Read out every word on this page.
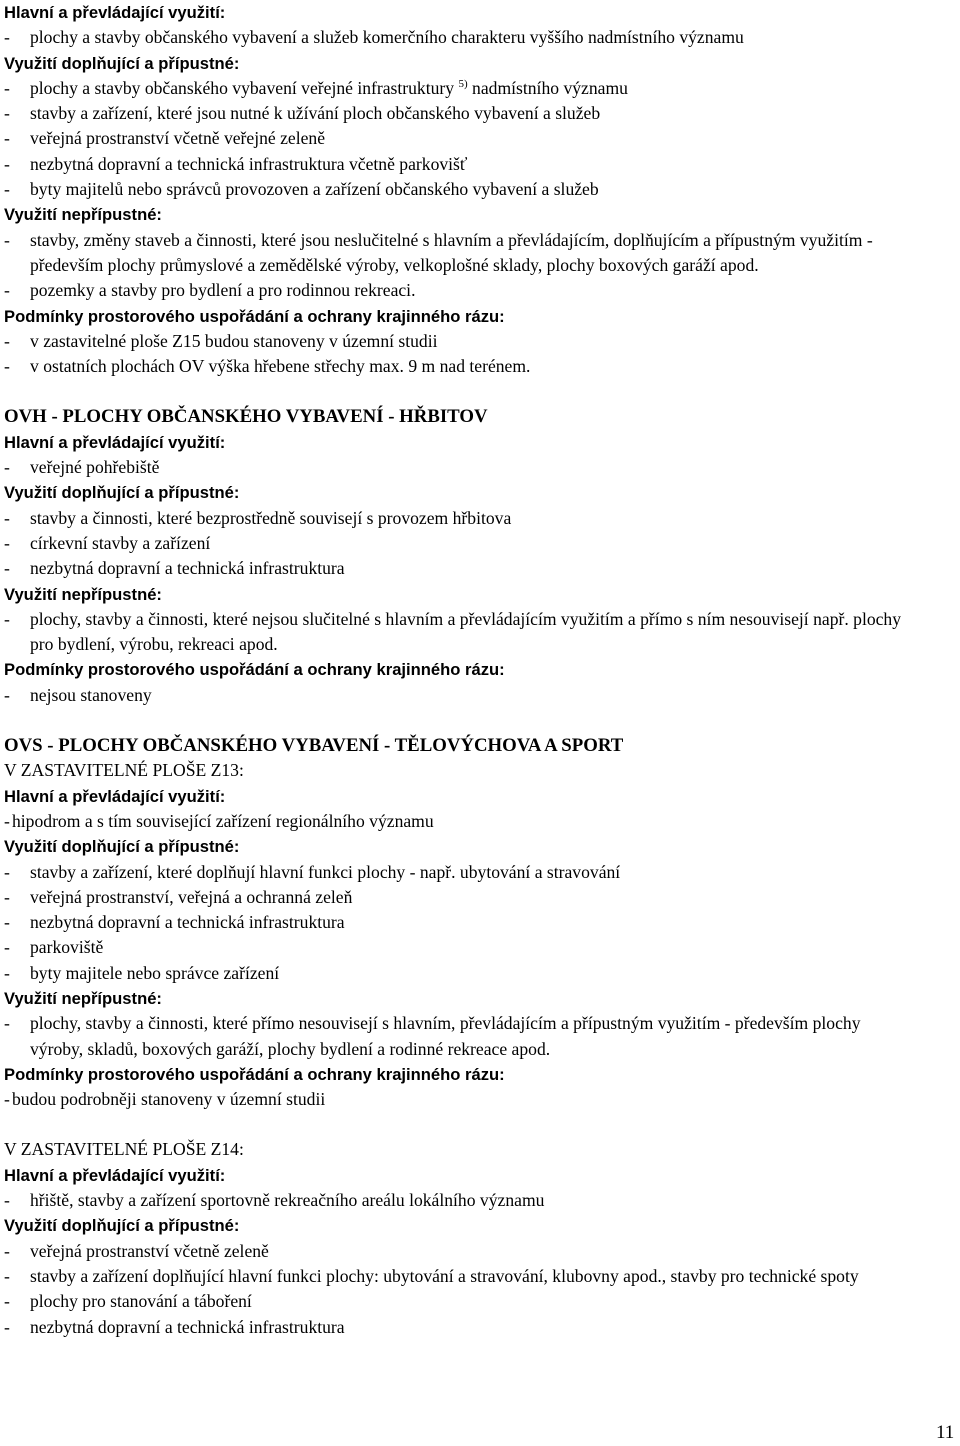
Hlavní a převládající využití:
-	plochy a stavby občanského vybavení a služeb komerčního charakteru vyššího nadmístního významu
Využití doplňující a přípustné:
-	plochy a stavby občanského vybavení veřejné infrastruktury $^{5)}$ nadmístního významu
-	stavby a zařízení, které jsou nutné k užívání ploch občanského vybavení a služeb
-	veřejná prostranství včetně veřejné zeleně
-	nezbytná dopravní a technická infrastruktura včetně parkovišť
-	byty majitelů nebo správců provozoven a zařízení občanského vybavení a služeb
Využití nepřípustné:
-	stavby, změny staveb a činnosti, které jsou neslučitelné s hlavním a převládajícím, doplňujícím a přípustným využitím - především plochy průmyslové a zemědělské výroby, velkoplošné sklady, plochy boxových garáží apod.
-	pozemky a stavby pro bydlení a pro rodinnou rekreaci.
Podmínky prostorového uspořádání a ochrany krajinného rázu:
-	v zastavitelné ploše Z15 budou stanoveny v územní studii
-	v ostatních plochách OV výška hřebene střechy max. 9 m nad terénem.
OVH - PLOCHY OBČANSKÉHO VYBAVENÍ - HŘBITOV
Hlavní a převládající využití:
-	veřejné pohřebiště
Využití doplňující a přípustné:
-	stavby a činnosti, které bezprostředně souvisejí s provozem hřbitova
-	církevní stavby a zařízení
-	nezbytná dopravní a technická infrastruktura
Využití nepřípustné:
-	plochy, stavby a činnosti, které nejsou slučitelné s hlavním a převládajícím využitím a přímo s ním nesouvisejí např. plochy pro bydlení, výrobu, rekreaci apod.
Podmínky prostorového uspořádání a ochrany krajinného rázu:
-	nejsou stanoveny
OVS - PLOCHY OBČANSKÉHO VYBAVENÍ - TĚLOVÝCHOVA A SPORT
V ZASTAVITELNÉ PLOŠE Z13:
Hlavní a převládající využití:
- hipodrom a s tím související zařízení regionálního významu
Využití doplňující a přípustné:
-	stavby a zařízení, které doplňují hlavní funkci plochy - např. ubytování a stravování
-	veřejná prostranství, veřejná a ochranná zeleň
-	nezbytná dopravní a technická infrastruktura
-	parkoviště
-	byty majitele nebo správce zařízení
Využití nepřípustné:
-	plochy, stavby a činnosti, které přímo nesouvisejí s hlavním, převládajícím a přípustným využitím - především plochy výroby, skladů, boxových garáží, plochy bydlení a rodinné rekreace apod.
Podmínky prostorového uspořádání a ochrany krajinného rázu:
- budou podrobněji stanoveny v územní studii
V ZASTAVITELNÉ PLOŠE Z14:
Hlavní a převládající využití:
-	hřiště, stavby a zařízení sportovně rekreačního areálu lokálního významu
Využití doplňující a přípustné:
-	veřejná prostranství včetně zeleně
-	stavby a zařízení doplňující hlavní funkci plochy: ubytování a stravování, klubovny apod., stavby pro technické spoty
-	plochy pro stanování a táboření
-	nezbytná dopravní a technická infrastruktura
11
